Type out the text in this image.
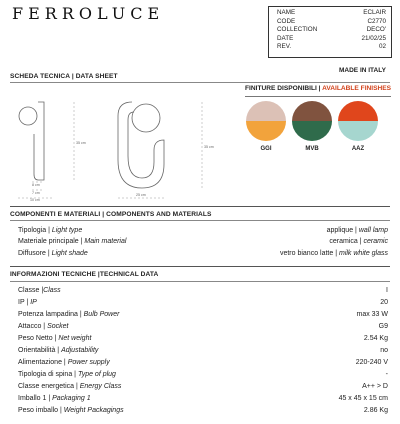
FERROLUCE	NAME	ECLAIR
CODE	C2770
COLLECTION	DECO'
DATE	21/02/25
REV.	02
MADE IN ITALY
SCHEDA TECNICA | DATA SHEET
35 cm
25 cm
35 cm
8 cm
7 cm
10 cm
FINITURE DISPONIBILI | AVAILABLE FINISHES
GGI	MVB	AAZ
COMPONENTI E MATERIALI | COMPONENTS AND MATERIALS
Tipologia | Light type	applique | wall lamp
Materiale principale | Main material	ceramica | ceramic
Diffusore | Light shade	vetro bianco latte | milk white glass
INFORMAZIONI TECNICHE |TECHNICAL DATA
Classe |Class	I
IP | IP	20
Potenza lampadina | Bulb Power	max 33 W
Attacco | Socket	G9
Peso Netto | Net weight	2.54 Kg
Orientabilità | Adjustability	no
Alimentazione | Power supply	220-240 V
Tipologia di spina | Type of plug	-
Classe energetica | Energy Class	A++ > D
Imballo 1 | Packaging 1	45 x 45 x 15 cm
Peso imballo | Weight Packagings	2.86 Kg
